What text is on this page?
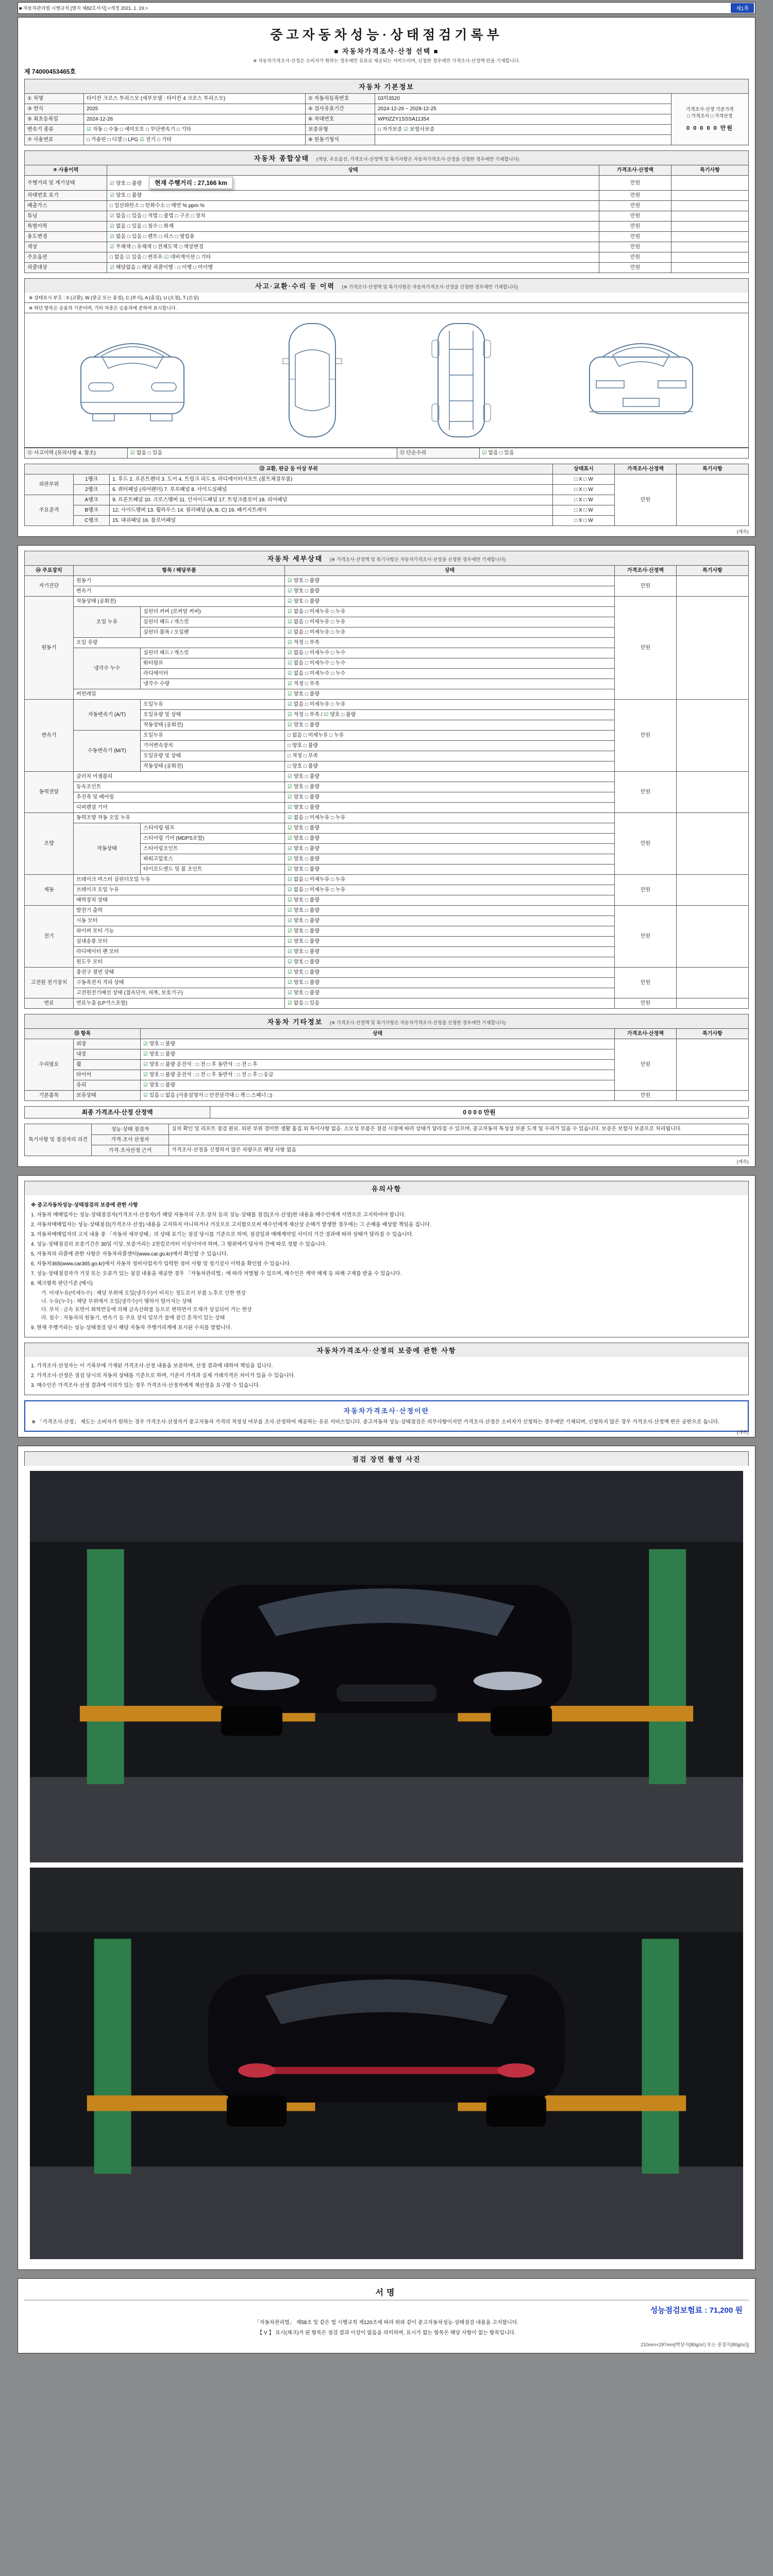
■ 자동차관리법 시행규칙 [별지 제82호서식] <개정 2021. 1. 19.>	제1쪽
중고자동차성능·상태점검기록부
■ 자동차가격조사·산정 선택 ■
※ 자동차가격조사·산정은 소비자가 원하는 경우에만 유료로 제공되는 서비스이며, 신청한 경우에만 가격조사·산정액 란을 기재합니다.
제 74000453465호
자동차 기본정보
① 차명	타이칸 크로스 투리스모 (세부모델 : 타이칸 4 크로스 투리스모)	② 자동차등록번호	03하3520	가격조사·산정 기준가격
□ 가격조사 □ 가격산정
0 0 0 0 0 만원

③ 연식	2025	④ 검사유효기간	2024-12-26 ~ 2028-12-25	
⑤ 최초등록일	2024-12-26	⑥ 차대번호	WP0ZZY1SSSA11354	
변속기 종류	☑ 자동 □ 수동 □ 세미오토 □ 무단변속기 □ 기타	보증유형	□ 자가보증 ☑ 보험사보증	
⑦ 사용연료	□ 가솔린 □ 디젤 □ LPG ☑ 전기 □ 기타	⑧ 원동기형식		
자동차 종합상태 (색상, 주요옵션, 가격조사·산정액 및 특기사항은 자동차가격조사·산정을 신청한 경우에만 기재합니다)
⑨ 사용이력	상태	가격조사·산정액	특기사항
주행거리 및 계기상태	☑ 양호 □ 불량 현재 주행거리 : 27,166 km	만원	
차대번호 표기	☑ 양호 □ 불량	만원	
배출가스	□ 일산화탄소 □ 탄화수소 □ 매연 % ppm %	만원	
튜닝	☑ 없음 □ 있음 □ 적법 □ 불법 □ 구조 □ 장치	만원	
특별이력	☑ 없음 □ 있음 □ 침수 □ 화재	만원	
용도변경	☑ 없음 □ 있음 □ 렌트 □ 리스 □ 영업용	만원	
색상	☑ 무채색 □ 유채색 □ 전체도색 □ 색상변경	만원	
주요옵션	□ 없음 ☑ 있음 □ 썬루프 ☑ 네비게이션 □ 기타	만원	
리콜대상	☑ 해당없음 □ 해당 리콜이행 : □ 이행 □ 미이행	만원	
사고·교환·수리 등 이력 (※ 가격조사·산정액 및 특기사항은 자동차가격조사·산정을 신청한 경우에만 기재합니다)
※ 상태표시 부호 : X (교환), W (판금 또는 용접), C (부식), A (흠집), U (요철), T (손상)
※ 하단 항목은 승용차 기준이며, 기타 차종은 승용차에 준하여 표시합니다.
⑪ 사고이력 (유의사항 4. 참조)	☑ 없음 □ 있음	⑫ 단순수리	☑ 없음 □ 있음
⑬ 교환, 판금 등 이상 부위			상태표시	가격조사·산정액	특기사항
외판부위	1랭크	1. 후드 2. 프론트펜더 3. 도어 4. 트렁크 리드 5. 라디에이터서포트 (볼트체결부품)	□ X □ W	만원	
	2랭크	6. 쿼터패널 (리어펜더) 7. 루프패널 8. 사이드실패널	□ X □ W		
주요골격	A랭크	9. 프론트패널 10. 크로스멤버 11. 인사이드패널 17. 트렁크플로어 18. 리어패널	□ X □ W		
	B랭크	12. 사이드멤버 13. 휠하우스 14. 필러패널 (A, B, C) 19. 패키지트레이	□ X □ W		
	C랭크	15. 대쉬패널 16. 플로어패널	□ X □ W		
(계속)
자동차 세부상태 (※ 가격조사·산정액 및 특기사항은 자동차가격조사·산정을 신청한 경우에만 기재합니다)
⑭ 주요장치	항목 / 해당부품		상태	가격조사·산정액	특기사항
자기진단	원동기		☑ 양호 □ 불량	만원	
	변속기		☑ 양호 □ 불량		
원동기	작동상태 (공회전)		☑ 양호 □ 불량	만원	
	오일 누유	실린더 커버 (로커암 커버)	☑ 없음 □ 미세누유 □ 누유		
		실린더 헤드 / 개스킷	☑ 없음 □ 미세누유 □ 누유		
		실린더 블록 / 오일팬	☑ 없음 □ 미세누유 □ 누유		
	오일 유량		☑ 적정 □ 부족		
	냉각수 누수	실린더 헤드 / 개스킷	☑ 없음 □ 미세누수 □ 누수		
		워터펌프	☑ 없음 □ 미세누수 □ 누수		
		라디에이터	☑ 없음 □ 미세누수 □ 누수		
		냉각수 수량	☑ 적정 □ 부족		
	커먼레일		☑ 양호 □ 불량		
변속기	자동변속기 (A/T)	오일누유	☑ 없음 □ 미세누유 □ 누유	만원	
		오일유량 및 상태	☑ 적정 □ 부족 / ☑ 양호 □ 불량		
		작동상태 (공회전)	☑ 양호 □ 불량		
	수동변속기 (M/T)	오일누유	□ 없음 □ 미세누유 □ 누유		
		기어변속장치	□ 양호 □ 불량		
		오일유량 및 상태	□ 적정 □ 부족		
		작동상태 (공회전)	□ 양호 □ 불량		
동력전달	클러치 어셈블리		☑ 양호 □ 불량	만원	
	등속조인트		☑ 양호 □ 불량		
	추진축 및 베어링		☑ 양호 □ 불량		
	디퍼렌셜 기어		☑ 양호 □ 불량		
조향	동력조향 작동 오일 누유		☑ 없음 □ 미세누유 □ 누유	만원	
	작동상태	스티어링 펌프	☑ 양호 □ 불량		
		스티어링 기어 (MDPS포함)	☑ 양호 □ 불량		
		스티어링조인트	☑ 양호 □ 불량		
		파워고압호스	☑ 양호 □ 불량		
		타이로드엔드 및 볼 조인트	☑ 양호 □ 불량		
제동	브레이크 마스터 실린더오일 누유		☑ 없음 □ 미세누유 □ 누유	만원	
	브레이크 오일 누유		☑ 없음 □ 미세누유 □ 누유		
	배력장치 상태		☑ 양호 □ 불량		
전기	발전기 출력		☑ 양호 □ 불량	만원	
	시동 모터		☑ 양호 □ 불량		
	와이퍼 모터 기능		☑ 양호 □ 불량		
	실내송풍 모터		☑ 양호 □ 불량		
	라디에이터 팬 모터		☑ 양호 □ 불량		
	윈도우 모터		☑ 양호 □ 불량		
고전원 전기장치	충전구 절연 상태		☑ 양호 □ 불량	만원	
	구동축전지 격리 상태		☑ 양호 □ 불량		
	고전원전기배선 상태 (접속단자, 피복, 보호기구)		☑ 양호 □ 불량		
연료	연료누출 (LP가스포함)		☑ 없음 □ 있음	만원	
자동차 기타정보 (※ 가격조사·산정액 및 특기사항은 자동차가격조사·산정을 신청한 경우에만 기재합니다)
⑮ 항목		상태	가격조사·산정액	특기사항
수리필요	외장	☑ 양호 □ 불량	만원	
	내장	☑ 양호 □ 불량		
	휠	☑ 양호 □ 불량 운전석 : □ 전 □ 후 동반석 : □ 전 □ 후		
	타이어	☑ 양호 □ 불량 운전석 : □ 전 □ 후 동반석 : □ 전 □ 후 □ 응급		
	유리	☑ 양호 □ 불량		
기본품목	보유상태	☑ 있음 □ 없음 (사용설명서 □ 안전삼각대 □ 잭 □ 스패너 □)	만원	
최종 가격조사·산정 산정액	0 0 0 0 만원
특기사항 및 점검자의 의견	성능·상태 점검자	실차 확인 및 리프트 점검 완료. 외판 부위 경미한 생활 흠집 외 특이사항 없음. 소모성 부품은 점검 시점에 따라 상태가 달라질 수 있으며, 중고자동차 특성상 부분 도색 및 수리가 있을 수 있습니다. 보증은 보험사 보증으로 처리됩니다.
	가격·조사 산정자	
	가격·조사산정 근거	가격조사·산정을 신청하지 않은 차량으로 해당 사항 없음
(계속)
유의사항
※ 중고자동차성능·상태점검의 보증에 관한 사항
1. 자동차 매매업자는 성능·상태점검자(가격조사·산정자)가 해당 자동차의 구조·장치 등의 성능·상태를 점검(조사·산정)한 내용을 매수인에게 서면으로 고지하여야 합니다.
2. 자동차매매업자는 성능·상태점검(가격조사·산정) 내용을 고지하지 아니하거나 거짓으로 고지함으로써 매수인에게 재산상 손해가 발생한 경우에는 그 손해를 배상할 책임을 집니다.
3. 자동차매매업자의 고지 내용 중 「자동차 세부상태」의 상태 표기는 점검 당시를 기준으로 하며, 점검일과 매매계약일 사이의 기간 경과에 따라 상태가 달라질 수 있습니다.
4. 성능·상태점검의 보증기간은 30일 이상, 보증거리는 2천킬로미터 이상이어야 하며, 그 범위에서 당사자 간에 따로 정할 수 있습니다.
5. 자동차의 리콜에 관한 사항은 자동차리콜센터(www.car.go.kr)에서 확인할 수 있습니다.
6. 자동차365(www.car365.go.kr)에서 자동차 정비사업자가 입력한 정비 사항 및 정기검사 이력을 확인할 수 있습니다.
7. 성능·상태점검자가 거짓 또는 오류가 있는 점검 내용을 제공한 경우 「자동차관리법」에 따라 처벌될 수 있으며, 매수인은 계약 해제 등 피해 구제를 받을 수 있습니다.
8. 체크항목 판단기준 (예시)
가. 미세누유(미세누수) : 해당 부위에 오일(냉각수)이 비치는 정도로서 부품 노후로 인한 현상
나. 누유(누수) : 해당 부위에서 오일(냉각수)이 맺혀서 떨어지는 상태
다. 부식 : 금속 표면이 화학반응에 의해 금속산화물 등으로 변하면서 모재가 상실되어 가는 현상
라. 침수 : 자동차의 원동기, 변속기 등 주요 장치 일부가 물에 잠긴 흔적이 있는 상태
9. 현재 주행거리는 성능·상태점검 당시 해당 자동차 주행거리계에 표시된 수치를 말합니다.
자동차가격조사·산정의 보증에 관한 사항
1. 가격조사·산정자는 이 기록부에 기재된 가격조사·산정 내용을 보증하며, 산정 결과에 대하여 책임을 집니다.
2. 가격조사·산정은 점검 당시의 자동차 상태를 기준으로 하며, 기준서 가격과 실제 거래가격은 차이가 있을 수 있습니다.
3. 매수인은 가격조사·산정 결과에 이의가 있는 경우 가격조사·산정자에게 재산정을 요구할 수 있습니다.
자동차가격조사·산정이란
※ 「가격조사·산정」 제도는 소비자가 원하는 경우 가격조사·산정자가 중고자동차 가격의 적정성 여부를 조사·산정하여 제공하는 유료 서비스입니다. 중고자동차 성능·상태점검은 의무사항이지만 가격조사·산정은 소비자가 신청하는 경우에만 기재되며, 신청하지 않은 경우 가격조사·산정액 란은 공란으로 둡니다.
(계속)
점검 장면 촬영 사진
서명
성능점검보험료 : 71,200 원
「자동차관리법」 제58조 및 같은 법 시행규칙 제120조에 따라 위와 같이 중고자동차성능·상태점검 내용을 고지합니다.
【 V 】 표시(체크)가 된 항목은 점검 결과 이상이 없음을 의미하며, 표시가 없는 항목은 해당 사항이 없는 항목입니다.
210mm×297mm[백상지(80g/㎡) 또는 중질지(80g/㎡)]
